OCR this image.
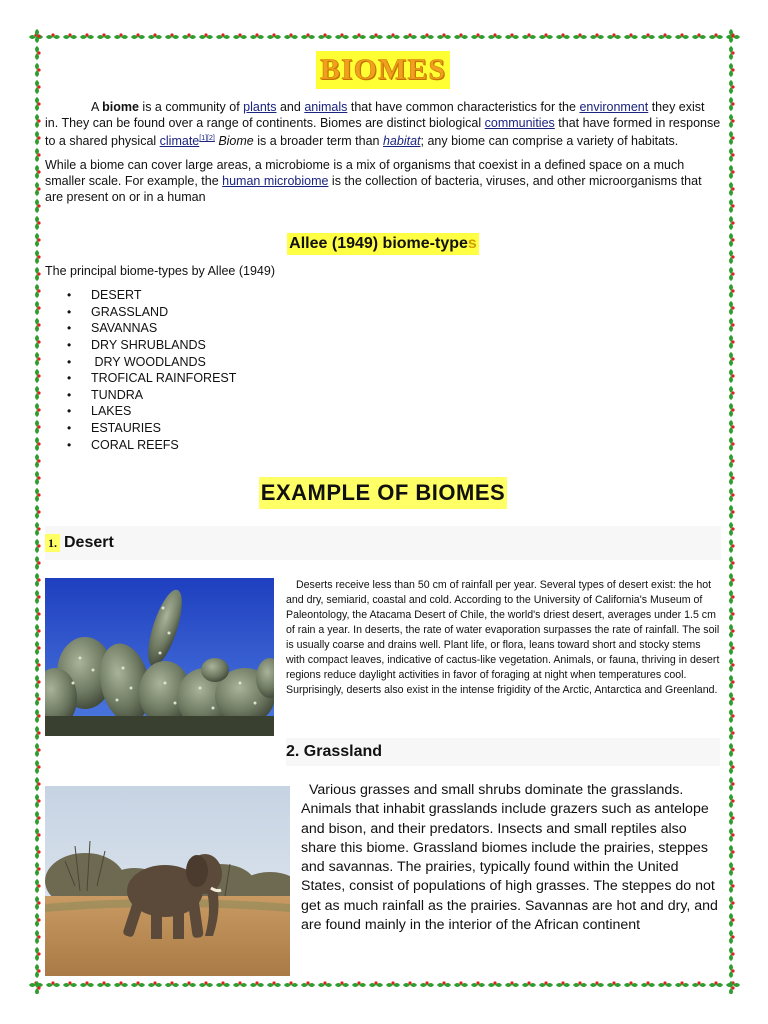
BIOMES

A biome is a community of plants and animals that have common characteristics for the environment they exist in. They can be found over a range of continents. Biomes are distinct biological communities that have formed in response to a shared physical climate[1][2] Biome is a broader term than habitat; any biome can comprise a variety of habitats.

While a biome can cover large areas, a microbiome is a mix of organisms that coexist in a defined space on a much smaller scale. For example, the human microbiome is the collection of bacteria, viruses, and other microorganisms that are present on or in a human

Allee (1949) biome-types
The principal biome-types by Allee (1949)
• DESERT
• GRASSLAND
• SAVANNAS
• DRY SHRUBLANDS
•  DRY WOODLANDS
• TROFICAL RAINFOREST
• TUNDRA
• LAKES
• ESTAURIES
• CORAL REEFS
EXAMPLE OF BIOMES
1. Desert
Deserts receive less than 50 cm of rainfall per year. Several types of desert exist: the hot and dry, semiarid, coastal and cold. According to the University of California's Museum of Paleontology, the Atacama Desert of Chile, the world's driest desert, averages under 1.5 cm of rain a year. In deserts, the rate of water evaporation surpasses the rate of rainfall. The soil is usually coarse and drains well. Plant life, or flora, leans toward short and stocky stems with compact leaves, indicative of cactus-like vegetation. Animals, or fauna, thriving in desert regions reduce daylight activities in favor of foraging at night when temperatures cool. Surprisingly, deserts also exist in the intense frigidity of the Arctic, Antarctica and Greenland.
2. Grassland
Various grasses and small shrubs dominate the grasslands. Animals that inhabit grasslands include grazers such as antelope and bison, and their predators. Insects and small reptiles also share this biome. Grassland biomes include the prairies, steppes and savannas. The prairies, typically found within the United States, consist of populations of high grasses. The steppes do not get as much rainfall as the prairies. Savannas are hot and dry, and are found mainly in the interior of the African continent
